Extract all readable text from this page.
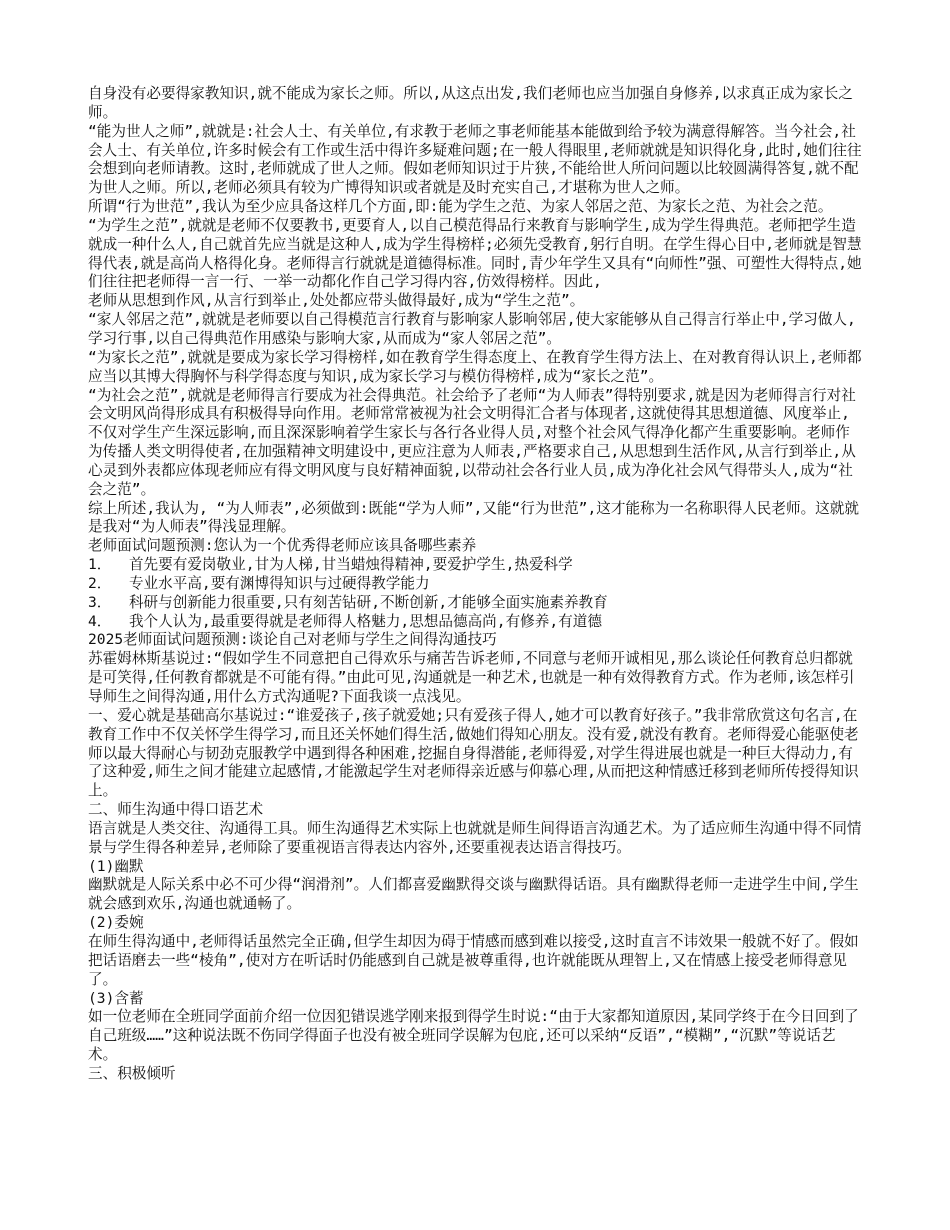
自身没有必要得家教知识,就不能成为家长之师。所以,从这点出发,我们老师也应当加强自身修养,以求真正成为家长之师。

“能为世人之师”,就就是:社会人士、有关单位,有求教于老师之事老师能基本能做到给予较为满意得解答。当今社会,社会人士、有关单位,许多时候会有工作或生活中得许多疑难问题;在一般人得眼里,老师就就是知识得化身,此时,她们往往会想到向老师请教。这时,老师就成了世人之师。假如老师知识过于片狭,不能给世人所问问题以比较圆满得答复,就不配为世人之师。所以,老师必须具有较为广博得知识或者就是及时充实自己,才堪称为世人之师。

所谓“行为世范”,我认为至少应具备这样几个方面,即:能为学生之范、为家人邻居之范、为家长之范、为社会之范。

“为学生之范”,就就是老师不仅要教书,更要育人,以自己模范得品行来教育与影响学生,成为学生得典范。老师把学生造就成一种什么人,自己就首先应当就是这种人,成为学生得榜样;必须先受教育,躬行自明。在学生得心目中,老师就是智慧得代表,就是高尚人格得化身。老师得言行就就是道德得标准。同时,青少年学生又具有“向师性”强、可塑性大得特点,她们往往把老师得一言一行、一举一动都化作自己学习得内容,仿效得榜样。因此,

老师从思想到作风,从言行到举止,处处都应带头做得最好,成为“学生之范”。

“家人邻居之范”,就就是老师要以自己得模范言行教育与影响家人影响邻居,使大家能够从自己得言行举止中,学习做人,学习行事,以自己得典范作用感染与影响大家,从而成为“家人邻居之范”。

“为家长之范”,就就是要成为家长学习得榜样,如在教育学生得态度上、在教育学生得方法上、在对教育得认识上,老师都应当以其博大得胸怀与科学得态度与知识,成为家长学习与模仿得榜样,成为“家长之范”。

“为社会之范”,就就是老师得言行要成为社会得典范。社会给予了老师“为人师表”得特别要求,就是因为老师得言行对社会文明风尚得形成具有积极得导向作用。老师常常被视为社会文明得汇合者与体现者,这就使得其思想道德、风度举止,不仅对学生产生深远影响,而且深深影响着学生家长与各行各业得人员,对整个社会风气得净化都产生重要影响。老师作为传播人类文明得使者,在加强精神文明建设中,更应注意为人师表,严格要求自己,从思想到生活作风,从言行到举止,从心灵到外表都应体现老师应有得文明风度与良好精神面貌,以带动社会各行业人员,成为净化社会风气得带头人,成为“社会之范”。

综上所述,我认为, “为人师表”,必须做到:既能“学为人师”,又能“行为世范”,这才能称为一名称职得人民老师。这就就是我对“为人师表”得浅显理解。

老师面试问题预测:您认为一个优秀得老师应该具备哪些素养

1．  首先要有爱岗敬业,甘为人梯,甘当蜡烛得精神,要爱护学生,热爱科学

2．  专业水平高,要有渊博得知识与过硬得教学能力

3．  科研与创新能力很重要,只有刻苦钻研,不断创新,才能够全面实施素养教育

4．  我个人认为,最重要得就是老师得人格魅力,思想品德高尚,有修养,有道德

2025老师面试问题预测:谈论自己对老师与学生之间得沟通技巧

苏霍姆林斯基说过:“假如学生不同意把自己得欢乐与痛苦告诉老师,不同意与老师开诚相见,那么谈论任何教育总归都就是可笑得,任何教育都就是不可能有得。”由此可见,沟通就是一种艺术,也就是一种有效得教育方式。作为老师,该怎样引导师生之间得沟通,用什么方式沟通呢?下面我谈一点浅见。

一、爱心就是基础高尔基说过:“谁爱孩子,孩子就爱她;只有爱孩子得人,她才可以教育好孩子。”我非常欣赏这句名言,在教育工作中不仅关怀学生得学习,而且还关怀她们得生活,做她们得知心朋友。没有爱,就没有教育。老师得爱心能驱使老师以最大得耐心与韧劲克服教学中遇到得各种困难,挖掘自身得潜能,老师得爱,对学生得进展也就是一种巨大得动力,有了这种爱,师生之间才能建立起感情,才能激起学生对老师得亲近感与仰慕心理,从而把这种情感迁移到老师所传授得知识上。

二、师生沟通中得口语艺术

语言就是人类交往、沟通得工具。师生沟通得艺术实际上也就就是师生间得语言沟通艺术。为了适应师生沟通中得不同情景与学生得各种差异,老师除了要重视语言得表达内容外,还要重视表达语言得技巧。

(1)幽默

幽默就是人际关系中必不可少得“润滑剂”。人们都喜爱幽默得交谈与幽默得话语。具有幽默得老师一走进学生中间,学生就会感到欢乐,沟通也就通畅了。

(2)委婉

在师生得沟通中,老师得话虽然完全正确,但学生却因为碍于情感而感到难以接受,这时直言不讳效果一般就不好了。假如把话语磨去一些“棱角”,使对方在听话时仍能感到自己就是被尊重得,也许就能既从理智上,又在情感上接受老师得意见了。

(3)含蓄

如一位老师在全班同学面前介绍一位因犯错误逃学刚来报到得学生时说:“由于大家都知道原因,某同学终于在今日回到了自己班级……”这种说法既不伤同学得面子也没有被全班同学误解为包庇,还可以采纳“反语”,“模糊”,“沉默”等说话艺术。

三、积极倾听
